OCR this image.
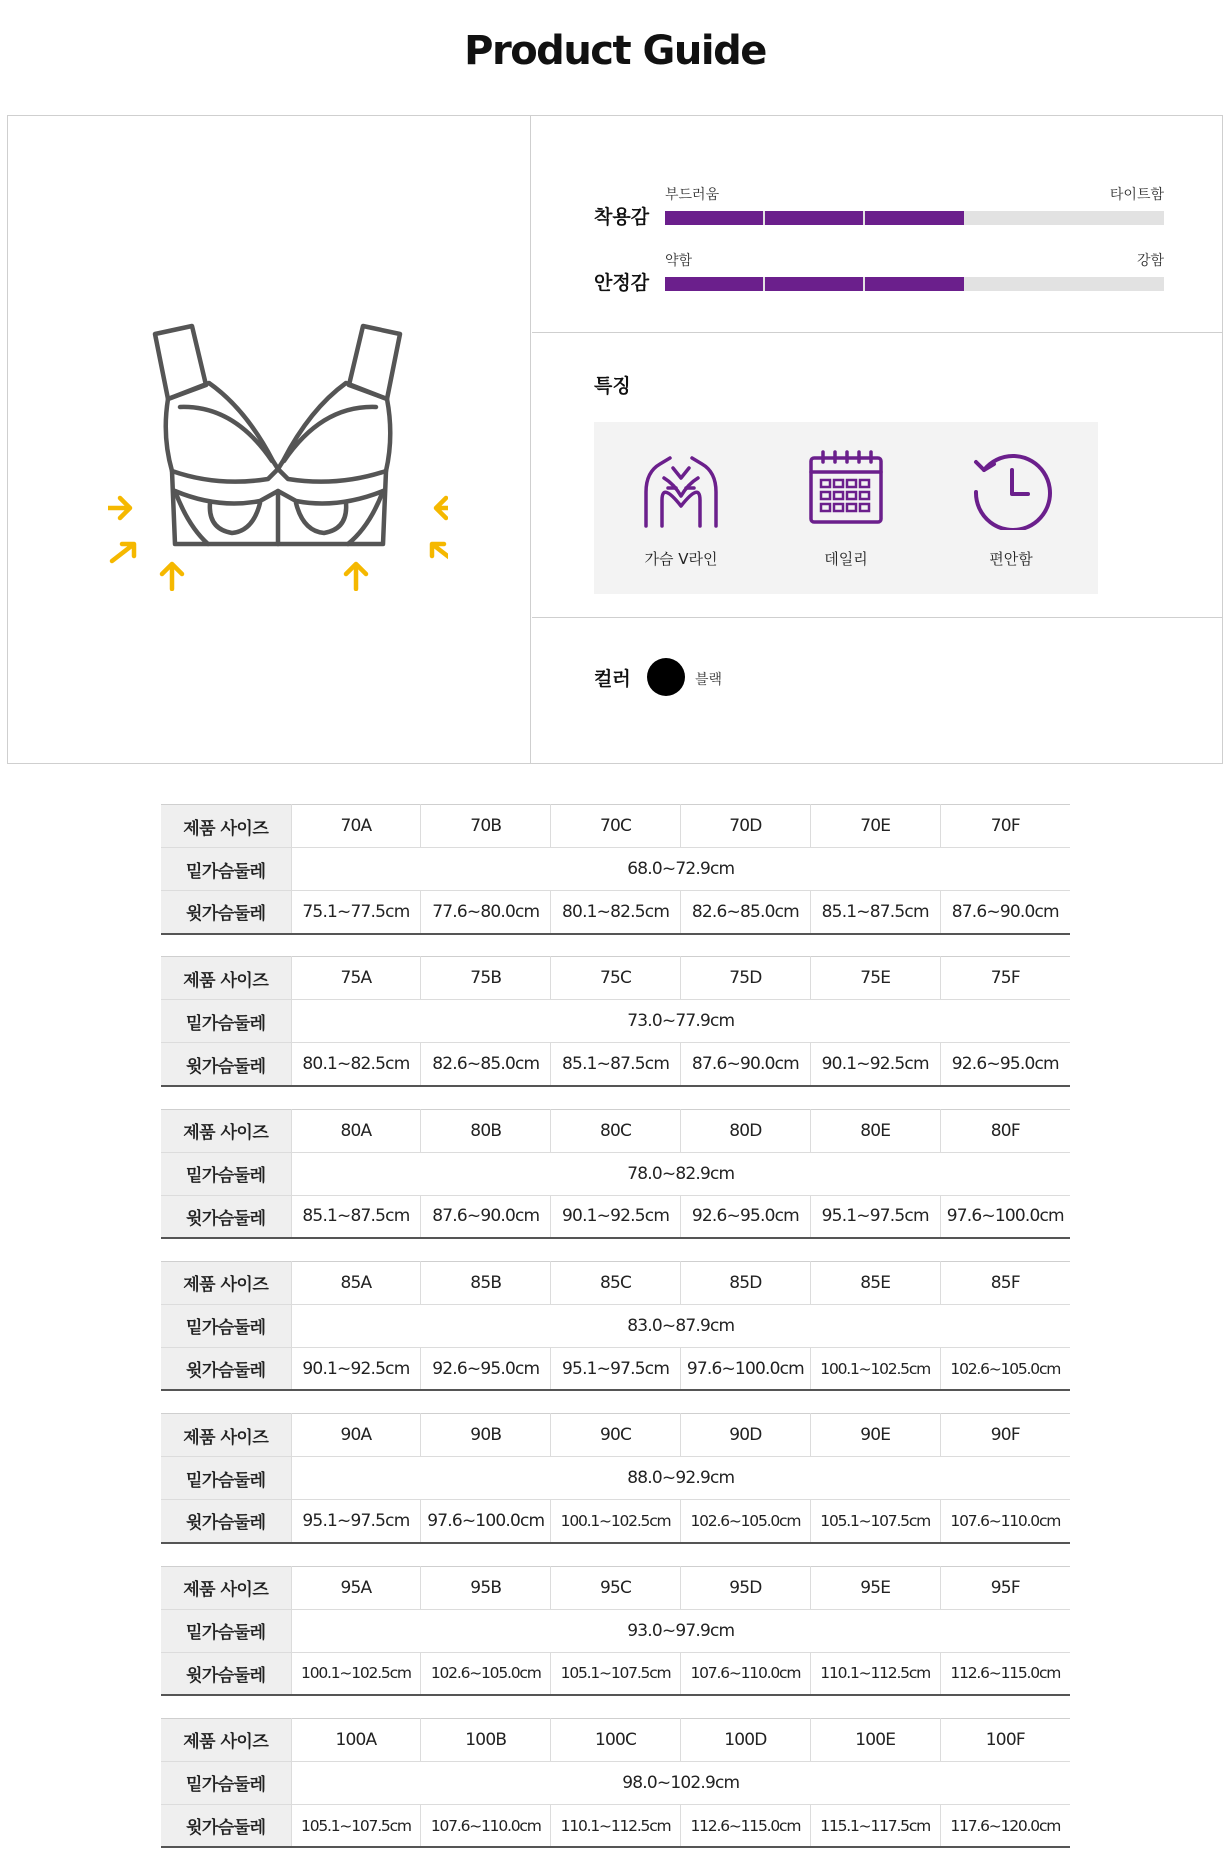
Product Guide
착용감
부드러움	타이트함
안정감
약함	강함
특징
가슴 V라인	데일리	편안함
컬러	블랙
제품 사이즈	70A	70B	70C	70D	70E	70F
밑가슴둘레	68.0~72.9cm					
윗가슴둘레	75.1~77.5cm	77.6~80.0cm	80.1~82.5cm	82.6~85.0cm	85.1~87.5cm	87.6~90.0cm
제품 사이즈	75A	75B	75C	75D	75E	75F
밑가슴둘레	73.0~77.9cm					
윗가슴둘레	80.1~82.5cm	82.6~85.0cm	85.1~87.5cm	87.6~90.0cm	90.1~92.5cm	92.6~95.0cm
제품 사이즈	80A	80B	80C	80D	80E	80F
밑가슴둘레	78.0~82.9cm					
윗가슴둘레	85.1~87.5cm	87.6~90.0cm	90.1~92.5cm	92.6~95.0cm	95.1~97.5cm	97.6~100.0cm
제품 사이즈	85A	85B	85C	85D	85E	85F
밑가슴둘레	83.0~87.9cm					
윗가슴둘레	90.1~92.5cm	92.6~95.0cm	95.1~97.5cm	97.6~100.0cm	100.1~102.5cm	102.6~105.0cm
제품 사이즈	90A	90B	90C	90D	90E	90F
밑가슴둘레	88.0~92.9cm					
윗가슴둘레	95.1~97.5cm	97.6~100.0cm	100.1~102.5cm	102.6~105.0cm	105.1~107.5cm	107.6~110.0cm
제품 사이즈	95A	95B	95C	95D	95E	95F
밑가슴둘레	93.0~97.9cm					
윗가슴둘레	100.1~102.5cm	102.6~105.0cm	105.1~107.5cm	107.6~110.0cm	110.1~112.5cm	112.6~115.0cm
제품 사이즈	100A	100B	100C	100D	100E	100F
밑가슴둘레	98.0~102.9cm					
윗가슴둘레	105.1~107.5cm	107.6~110.0cm	110.1~112.5cm	112.6~115.0cm	115.1~117.5cm	117.6~120.0cm
